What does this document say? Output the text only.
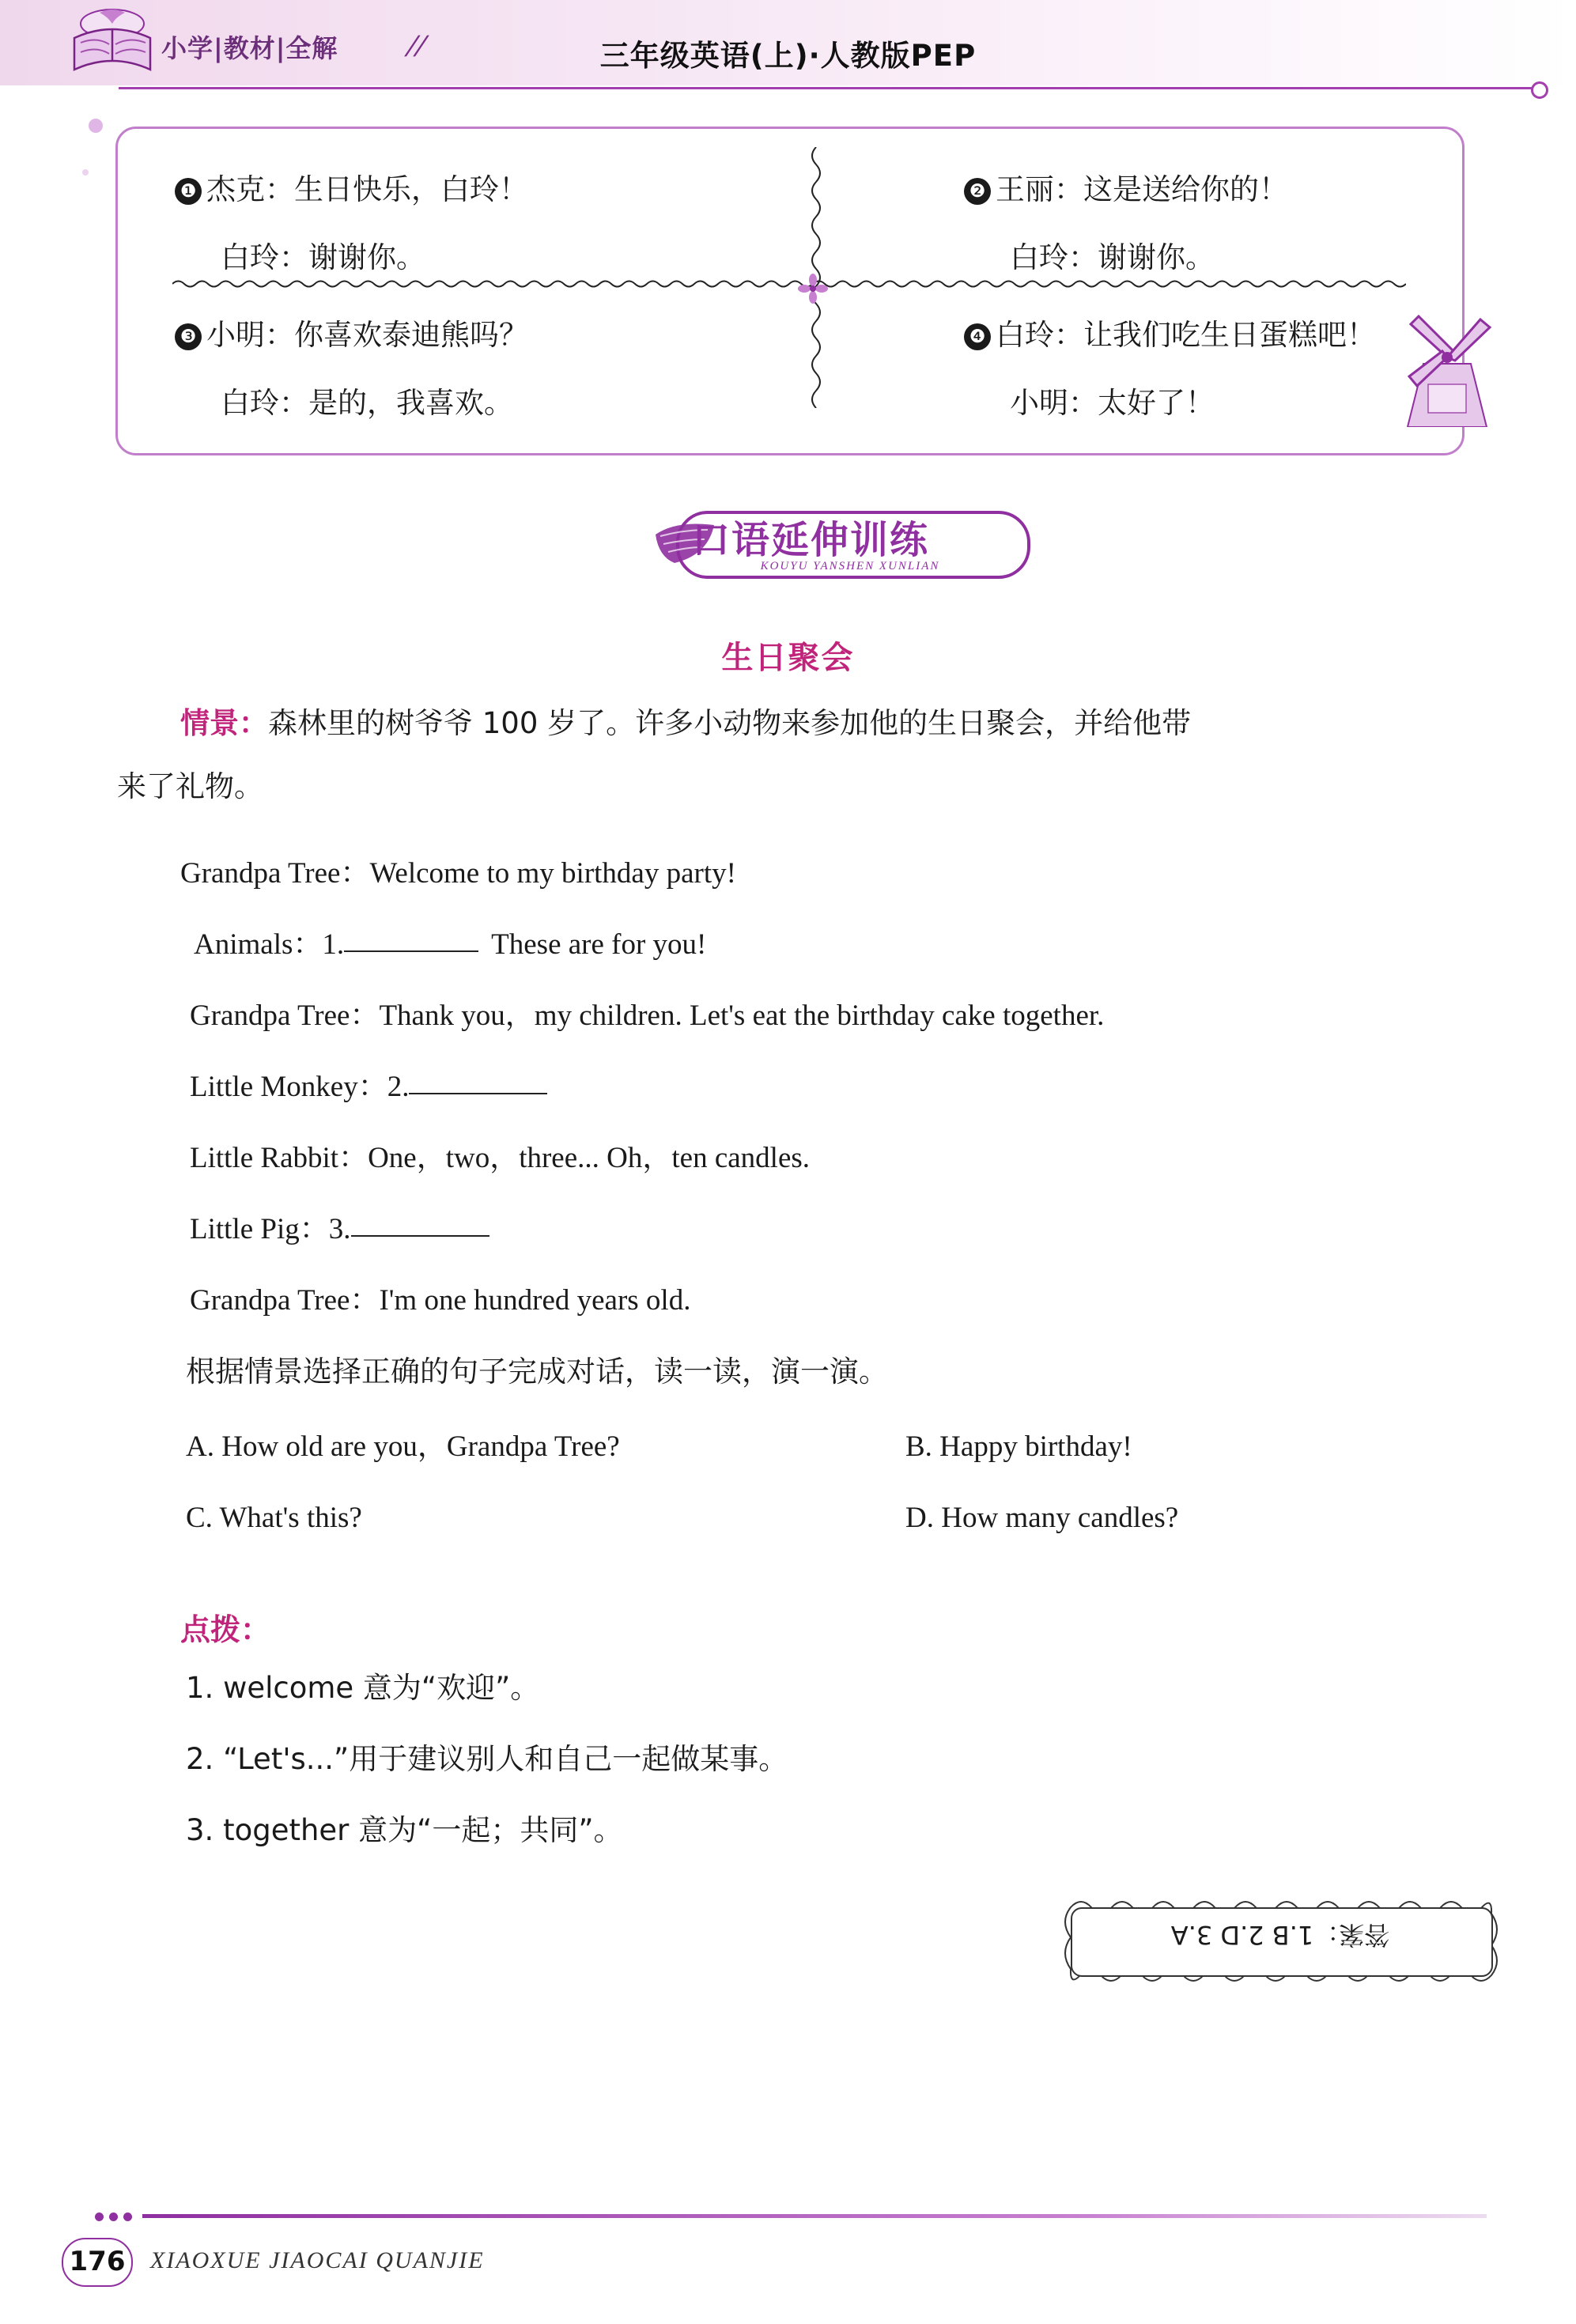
小学|教材|全解 //	三年级英语(上)·人教版PEP
❶ 杰克：生日快乐，白玲！
白玲：谢谢你。
❷ 王丽：这是送给你的！
白玲：谢谢你。
❸ 小明：你喜欢泰迪熊吗？
白玲：是的，我喜欢。
❹ 白玲：让我们吃生日蛋糕吧！
小明：太好了！
口语延伸训练
KOUYU YANSHEN XUNLIAN
生日聚会
情景：森林里的树爷爷 100 岁了。许多小动物来参加他的生日聚会，并给他带
来了礼物。
Grandpa Tree：Welcome to my birthday party!
Animals：1.	These are for you!
Grandpa Tree：Thank you，my children. Let's eat the birthday cake together.
Little Monkey：2.
Little Rabbit：One，two，three... Oh，ten candles.
Little Pig：3.
Grandpa Tree：I'm one hundred years old.
根据情景选择正确的句子完成对话，读一读，演一演。
A. How old are you，Grandpa Tree?	B. Happy birthday!
C. What's this?	D. How many candles?
点拨：
1. welcome 意为“欢迎”。
2. “Let's...”用于建议别人和自己一起做某事。
3. together 意为“一起；共同”。
答案：1.B 2.D 3.A
176	XIAOXUE JIAOCAI QUANJIE
